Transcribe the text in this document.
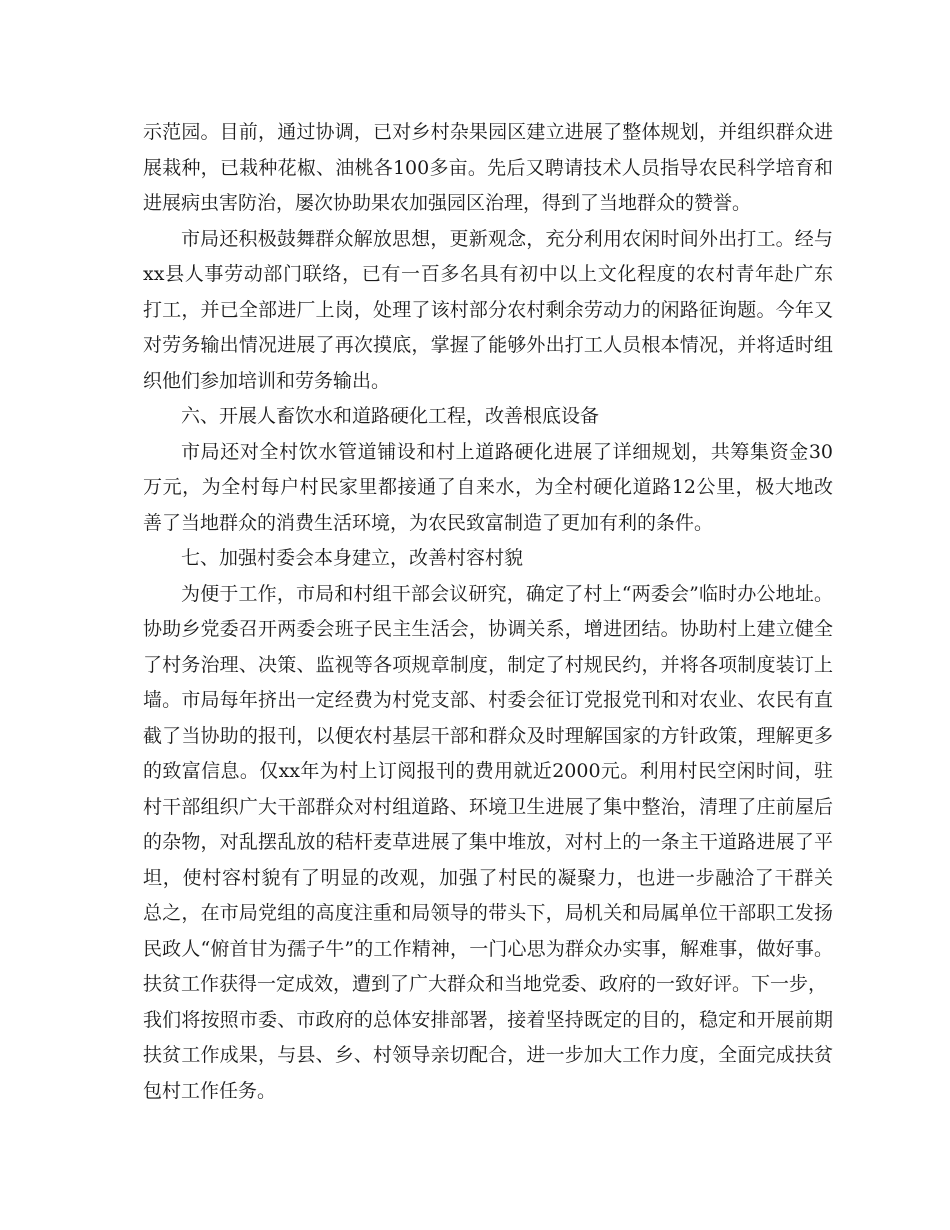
示范园。目前，通过协调，已对乡村杂果园区建立进展了整体规划，并组织群众进
展栽种，已栽种花椒、油桃各100多亩。先后又聘请技术人员指导农民科学培育和
进展病虫害防治，屡次协助果农加强园区治理，得到了当地群众的赞誉。
市局还积极鼓舞群众解放思想，更新观念，充分利用农闲时间外出打工。经与
xx县人事劳动部门联络，已有一百多名具有初中以上文化程度的农村青年赴广东
打工，并已全部进厂上岗，处理了该村部分农村剩余劳动力的闲路征询题。今年又
对劳务输出情况进展了再次摸底，掌握了能够外出打工人员根本情况，并将适时组
织他们参加培训和劳务输出。
六、开展人畜饮水和道路硬化工程，改善根底设备
市局还对全村饮水管道铺设和村上道路硬化进展了详细规划，共筹集资金30
万元，为全村每户村民家里都接通了自来水，为全村硬化道路12公里，极大地改
善了当地群众的消费生活环境，为农民致富制造了更加有利的条件。
七、加强村委会本身建立，改善村容村貌
为便于工作，市局和村组干部会议研究，确定了村上“两委会”临时办公地址。
协助乡党委召开两委会班子民主生活会，协调关系，增进团结。协助村上建立健全
了村务治理、决策、监视等各项规章制度，制定了村规民约，并将各项制度装订上
墙。市局每年挤出一定经费为村党支部、村委会征订党报党刊和对农业、农民有直
截了当协助的报刊，以便农村基层干部和群众及时理解国家的方针政策，理解更多
的致富信息。仅xx年为村上订阅报刊的费用就近2000元。利用村民空闲时间，驻
村干部组织广大干部群众对村组道路、环境卫生进展了集中整治，清理了庄前屋后
的杂物，对乱摆乱放的秸杆麦草进展了集中堆放，对村上的一条主干道路进展了平
坦，使村容村貌有了明显的改观，加强了村民的凝聚力，也进一步融洽了干群关
总之，在市局党组的高度注重和局领导的带头下，局机关和局属单位干部职工发扬
民政人“俯首甘为孺子牛”的工作精神，一门心思为群众办实事，解难事，做好事。
扶贫工作获得一定成效，遭到了广大群众和当地党委、政府的一致好评。下一步，
我们将按照市委、市政府的总体安排部署，接着坚持既定的目的，稳定和开展前期
扶贫工作成果，与县、乡、村领导亲切配合，进一步加大工作力度，全面完成扶贫
包村工作任务。
